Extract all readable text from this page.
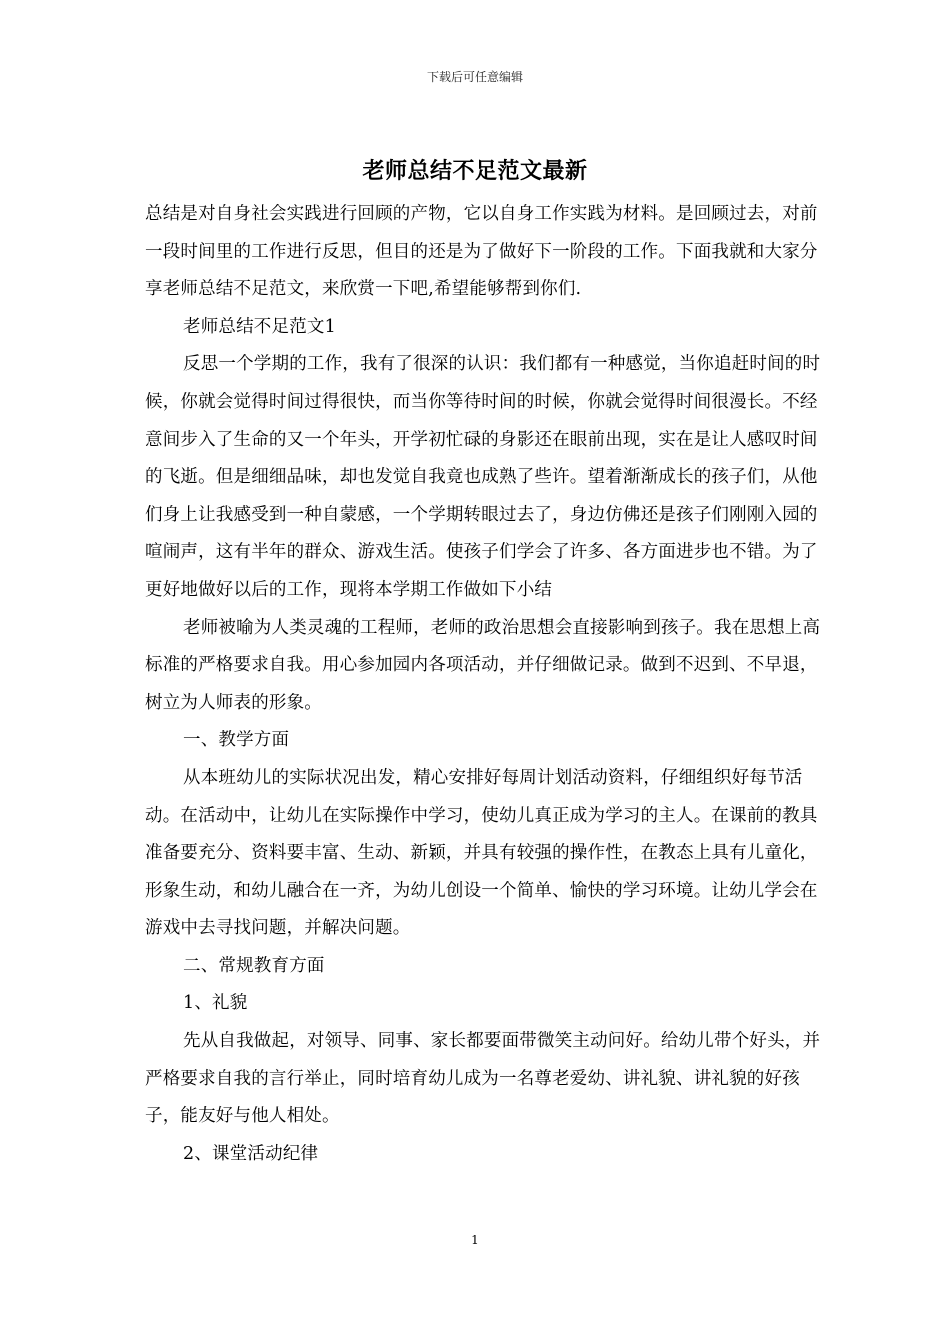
下载后可任意编辑
老师总结不足范文最新

总结是对自身社会实践进行回顾的产物，它以自身工作实践为材料。是回顾过去，对前一段时间里的工作进行反思，但目的还是为了做好下一阶段的工作。下面我就和大家分享老师总结不足范文，来欣赏一下吧,希望能够帮到你们.

老师总结不足范文1

反思一个学期的工作，我有了很深的认识：我们都有一种感觉，当你追赶时间的时候，你就会觉得时间过得很快，而当你等待时间的时候，你就会觉得时间很漫长。不经意间步入了生命的又一个年头，开学初忙碌的身影还在眼前出现，实在是让人感叹时间的飞逝。但是细细品味，却也发觉自我竟也成熟了些许。望着渐渐成长的孩子们，从他们身上让我感受到一种自蒙感，一个学期转眼过去了，身边仿佛还是孩子们刚刚入园的喧闹声，这有半年的群众、游戏生活。使孩子们学会了许多、各方面进步也不错。为了更好地做好以后的工作，现将本学期工作做如下小结

老师被喻为人类灵魂的工程师，老师的政治思想会直接影响到孩子。我在思想上高标准的严格要求自我。用心参加园内各项活动，并仔细做记录。做到不迟到、不早退，树立为人师表的形象。

一、教学方面

从本班幼儿的实际状况出发，精心安排好每周计划活动资料，仔细组织好每节活动。在活动中，让幼儿在实际操作中学习，使幼儿真正成为学习的主人。在课前的教具准备要充分、资料要丰富、生动、新颖，并具有较强的操作性，在教态上具有儿童化，形象生动，和幼儿融合在一齐，为幼儿创设一个简单、愉快的学习环境。让幼儿学会在游戏中去寻找问题，并解决问题。

二、常规教育方面

1、礼貌

先从自我做起，对领导、同事、家长都要面带微笑主动问好。给幼儿带个好头，并严格要求自我的言行举止，同时培育幼儿成为一名尊老爱幼、讲礼貌、讲礼貌的好孩子，能友好与他人相处。

2、课堂活动纪律

1
